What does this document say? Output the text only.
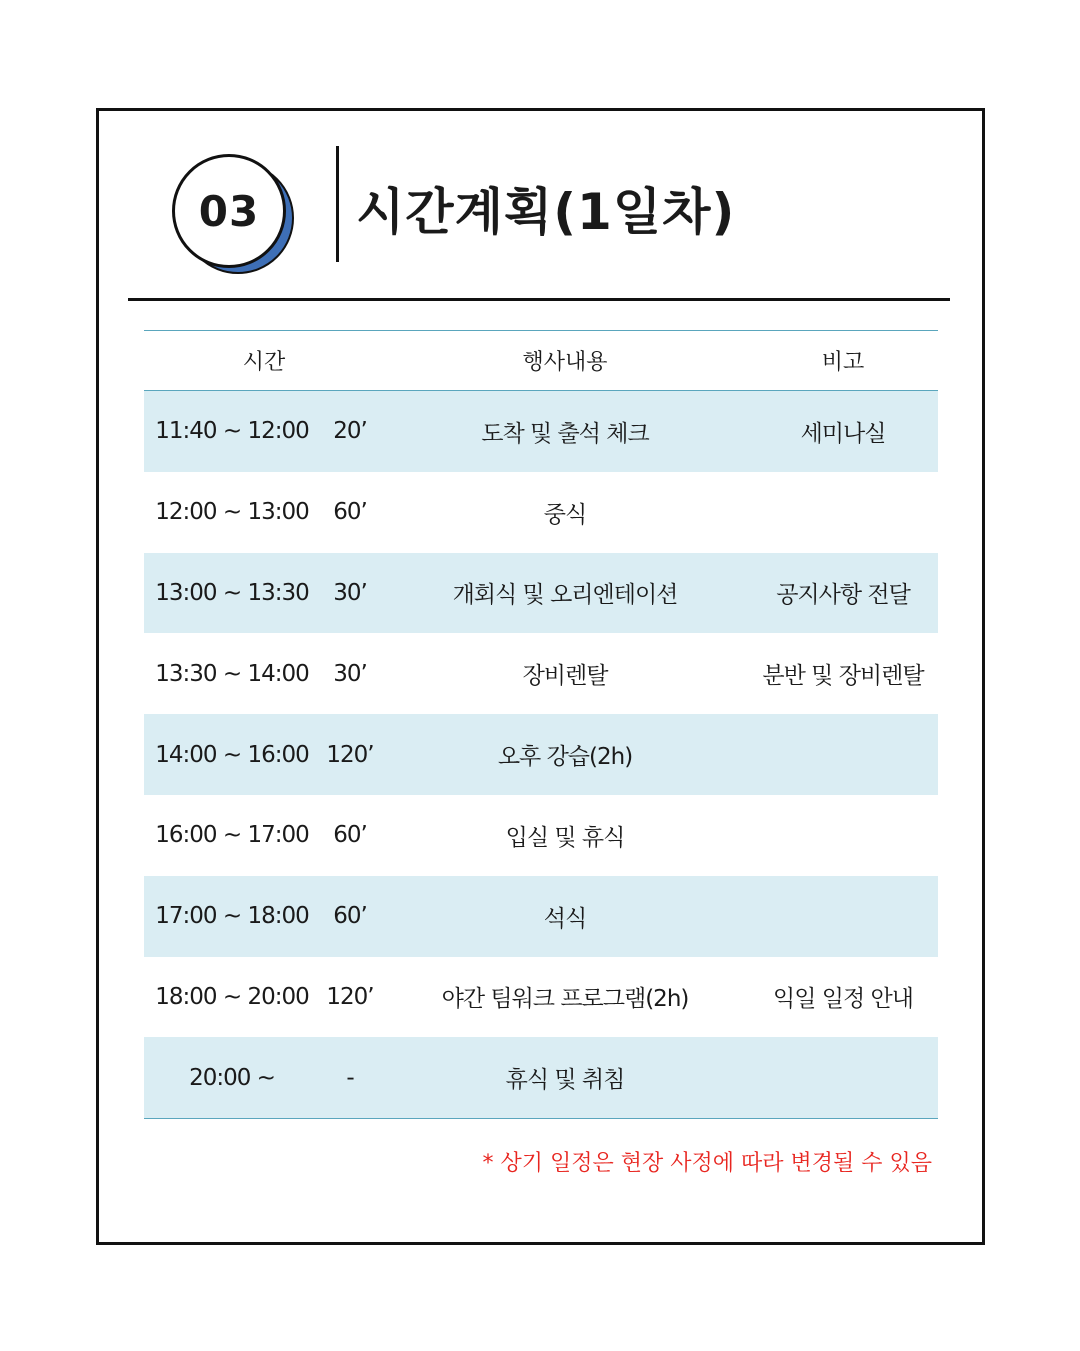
03 시간계획(1일차)
시간	행사내용	비고
11:40 ~ 12:00	20’	도착 및 출석 체크	세미나실
12:00 ~ 13:00	60’	중식
13:00 ~ 13:30	30’	개회식 및 오리엔테이션	공지사항 전달
13:30 ~ 14:00	30’	장비렌탈	분반 및 장비렌탈
14:00 ~ 16:00 120’	오후 강습(2h)
16:00 ~ 17:00	60’	입실 및 휴식
17:00 ~ 18:00	60’	석식
18:00 ~ 20:00 120’	야간 팀워크 프로그램(2h)	익일 일정 안내
20:00 ~	-	휴식 및 취침
* 상기 일정은 현장 사정에 따라 변경될 수 있음
